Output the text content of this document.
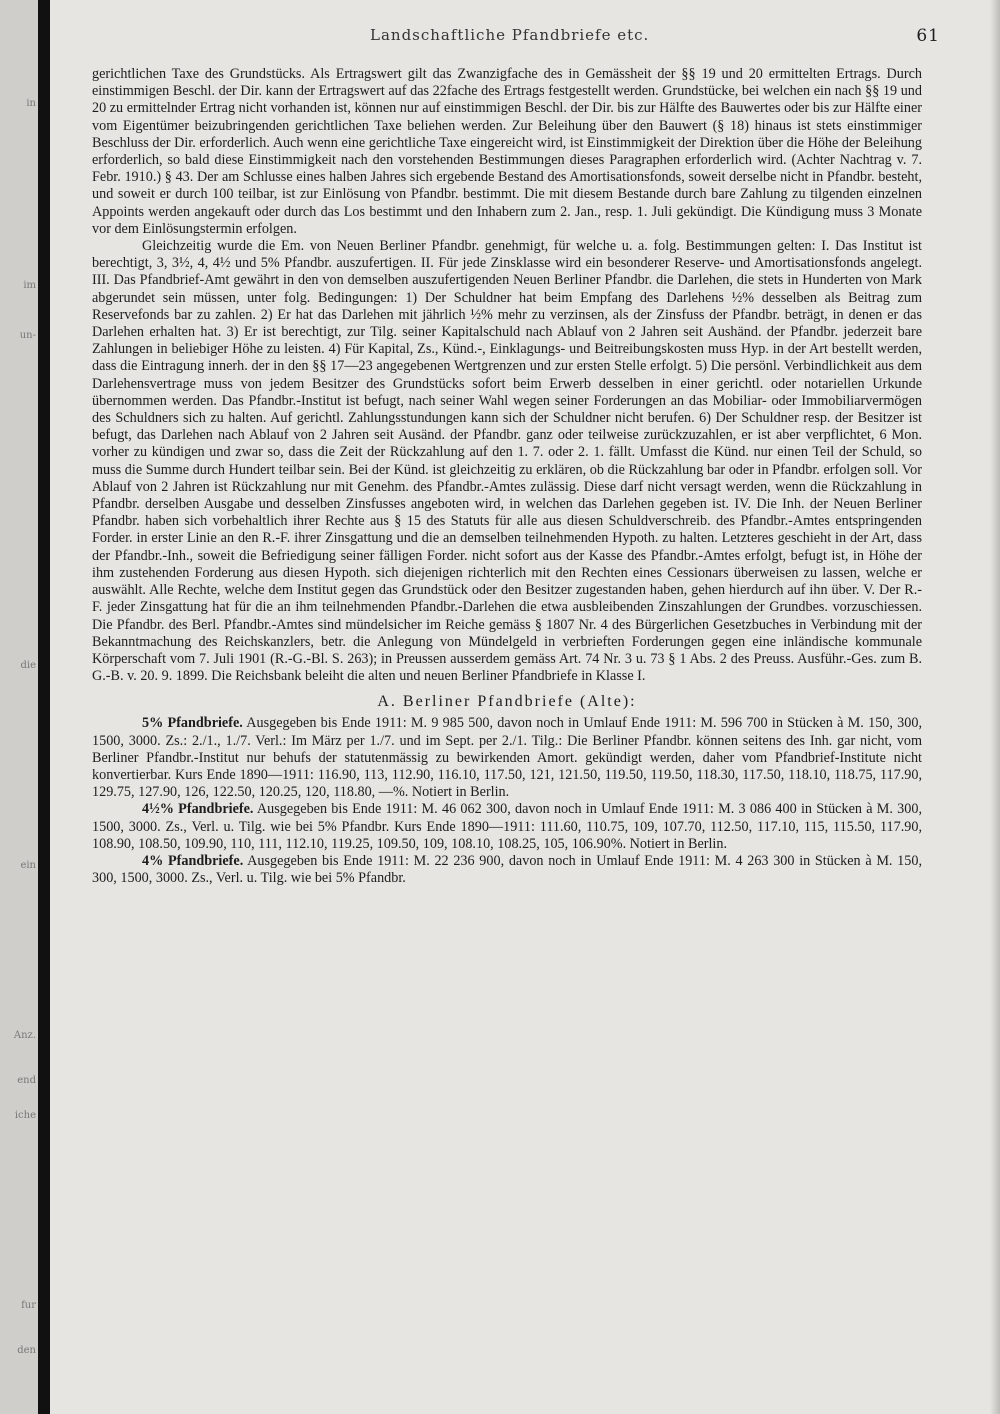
in
im
un-
die
ein
Anz.
end
iche
fur
den
Landschaftliche Pfandbriefe etc.	61

gerichtlichen Taxe des Grundstücks. Als Ertragswert gilt das Zwanzigfache des in Gemässheit der §§ 19 und 20 ermittelten Ertrags. Durch einstimmigen Beschl. der Dir. kann der Ertragswert auf das 22fache des Ertrags festgestellt werden. Grundstücke, bei welchen ein nach §§ 19 und 20 zu ermittelnder Ertrag nicht vorhanden ist, können nur auf einstimmigen Beschl. der Dir. bis zur Hälfte des Bauwertes oder bis zur Hälfte einer vom Eigentümer beizubringenden gerichtlichen Taxe beliehen werden. Zur Beleihung über den Bauwert (§ 18) hinaus ist stets einstimmiger Beschluss der Dir. erforderlich. Auch wenn eine gerichtliche Taxe eingereicht wird, ist Einstimmigkeit der Direktion über die Höhe der Beleihung erforderlich, so bald diese Einstimmigkeit nach den vorstehenden Bestimmungen dieses Paragraphen erforderlich wird. (Achter Nachtrag v. 7. Febr. 1910.) § 43. Der am Schlusse eines halben Jahres sich ergebende Bestand des Amortisationsfonds, soweit derselbe nicht in Pfandbr. besteht, und soweit er durch 100 teilbar, ist zur Einlösung von Pfandbr. bestimmt. Die mit diesem Bestande durch bare Zahlung zu tilgenden einzelnen Appoints werden angekauft oder durch das Los bestimmt und den Inhabern zum 2. Jan., resp. 1. Juli gekündigt. Die Kündigung muss 3 Monate vor dem Einlösungstermin erfolgen.

Gleichzeitig wurde die Em. von Neuen Berliner Pfandbr. genehmigt, für welche u. a. folg. Bestimmungen gelten: I. Das Institut ist berechtigt, 3, 3½, 4, 4½ und 5% Pfandbr. auszufertigen. II. Für jede Zinsklasse wird ein besonderer Reserve- und Amortisationsfonds angelegt. III. Das Pfandbrief-Amt gewährt in den von demselben auszufertigenden Neuen Berliner Pfandbr. die Darlehen, die stets in Hunderten von Mark abgerundet sein müssen, unter folg. Bedingungen: 1) Der Schuldner hat beim Empfang des Darlehens ½% desselben als Beitrag zum Reservefonds bar zu zahlen. 2) Er hat das Darlehen mit jährlich ½% mehr zu verzinsen, als der Zinsfuss der Pfandbr. beträgt, in denen er das Darlehen erhalten hat. 3) Er ist berechtigt, zur Tilg. seiner Kapitalschuld nach Ablauf von 2 Jahren seit Aushänd. der Pfandbr. jederzeit bare Zahlungen in beliebiger Höhe zu leisten. 4) Für Kapital, Zs., Künd.-, Einklagungs- und Beitreibungskosten muss Hyp. in der Art bestellt werden, dass die Eintragung innerh. der in den §§ 17—23 angegebenen Wertgrenzen und zur ersten Stelle erfolgt. 5) Die persönl. Verbindlichkeit aus dem Darlehensvertrage muss von jedem Besitzer des Grundstücks sofort beim Erwerb desselben in einer gerichtl. oder notariellen Urkunde übernommen werden. Das Pfandbr.-Institut ist befugt, nach seiner Wahl wegen seiner Forderungen an das Mobiliar- oder Immobiliarvermögen des Schuldners sich zu halten. Auf gerichtl. Zahlungsstundungen kann sich der Schuldner nicht berufen. 6) Der Schuldner resp. der Besitzer ist befugt, das Darlehen nach Ablauf von 2 Jahren seit Ausänd. der Pfandbr. ganz oder teilweise zurückzuzahlen, er ist aber verpflichtet, 6 Mon. vorher zu kündigen und zwar so, dass die Zeit der Rückzahlung auf den 1. 7. oder 2. 1. fällt. Umfasst die Künd. nur einen Teil der Schuld, so muss die Summe durch Hundert teilbar sein. Bei der Künd. ist gleichzeitig zu erklären, ob die Rückzahlung bar oder in Pfandbr. erfolgen soll. Vor Ablauf von 2 Jahren ist Rückzahlung nur mit Genehm. des Pfandbr.-Amtes zulässig. Diese darf nicht versagt werden, wenn die Rückzahlung in Pfandbr. derselben Ausgabe und desselben Zinsfusses angeboten wird, in welchen das Darlehen gegeben ist. IV. Die Inh. der Neuen Berliner Pfandbr. haben sich vorbehaltlich ihrer Rechte aus § 15 des Statuts für alle aus diesen Schuldverschreib. des Pfandbr.-Amtes entspringenden Forder. in erster Linie an den R.-F. ihrer Zinsgattung und die an demselben teilnehmenden Hypoth. zu halten. Letzteres geschieht in der Art, dass der Pfandbr.-Inh., soweit die Befriedigung seiner fälligen Forder. nicht sofort aus der Kasse des Pfandbr.-Amtes erfolgt, befugt ist, in Höhe der ihm zustehenden Forderung aus diesen Hypoth. sich diejenigen richterlich mit den Rechten eines Cessionars überweisen zu lassen, welche er auswählt. Alle Rechte, welche dem Institut gegen das Grundstück oder den Besitzer zugestanden haben, gehen hierdurch auf ihn über. V. Der R.-F. jeder Zinsgattung hat für die an ihm teilnehmenden Pfandbr.-Darlehen die etwa ausbleibenden Zinszahlungen der Grundbes. vorzuschiessen. Die Pfandbr. des Berl. Pfandbr.-Amtes sind mündelsicher im Reiche gemäss § 1807 Nr. 4 des Bürgerlichen Gesetzbuches in Verbindung mit der Bekanntmachung des Reichskanzlers, betr. die Anlegung von Mündelgeld in verbrieften Forderungen gegen eine inländische kommunale Körperschaft vom 7. Juli 1901 (R.-G.-Bl. S. 263); in Preussen ausserdem gemäss Art. 74 Nr. 3 u. 73 § 1 Abs. 2 des Preuss. Ausführ.-Ges. zum B. G.-B. v. 20. 9. 1899. Die Reichsbank beleiht die alten und neuen Berliner Pfandbriefe in Klasse I.

A. Berliner Pfandbriefe (Alte):

5% Pfandbriefe. Ausgegeben bis Ende 1911: M. 9 985 500, davon noch in Umlauf Ende 1911: M. 596 700 in Stücken à M. 150, 300, 1500, 3000. Zs.: 2./1., 1./7. Verl.: Im März per 1./7. und im Sept. per 2./1. Tilg.: Die Berliner Pfandbr. können seitens des Inh. gar nicht, vom Berliner Pfandbr.-Institut nur behufs der statutenmässig zu bewirkenden Amort. gekündigt werden, daher vom Pfandbrief-Institute nicht konvertierbar. Kurs Ende 1890—1911: 116.90, 113, 112.90, 116.10, 117.50, 121, 121.50, 119.50, 119.50, 118.30, 117.50, 118.10, 118.75, 117.90, 129.75, 127.90, 126, 122.50, 120.25, 120, 118.80, —%. Notiert in Berlin.

4½% Pfandbriefe. Ausgegeben bis Ende 1911: M. 46 062 300, davon noch in Umlauf Ende 1911: M. 3 086 400 in Stücken à M. 300, 1500, 3000. Zs., Verl. u. Tilg. wie bei 5% Pfandbr. Kurs Ende 1890—1911: 111.60, 110.75, 109, 107.70, 112.50, 117.10, 115, 115.50, 117.90, 108.90, 108.50, 109.90, 110, 111, 112.10, 119.25, 109.50, 109, 108.10, 108.25, 105, 106.90%. Notiert in Berlin.

4% Pfandbriefe. Ausgegeben bis Ende 1911: M. 22 236 900, davon noch in Umlauf Ende 1911: M. 4 263 300 in Stücken à M. 150, 300, 1500, 3000. Zs., Verl. u. Tilg. wie bei 5% Pfandbr.
